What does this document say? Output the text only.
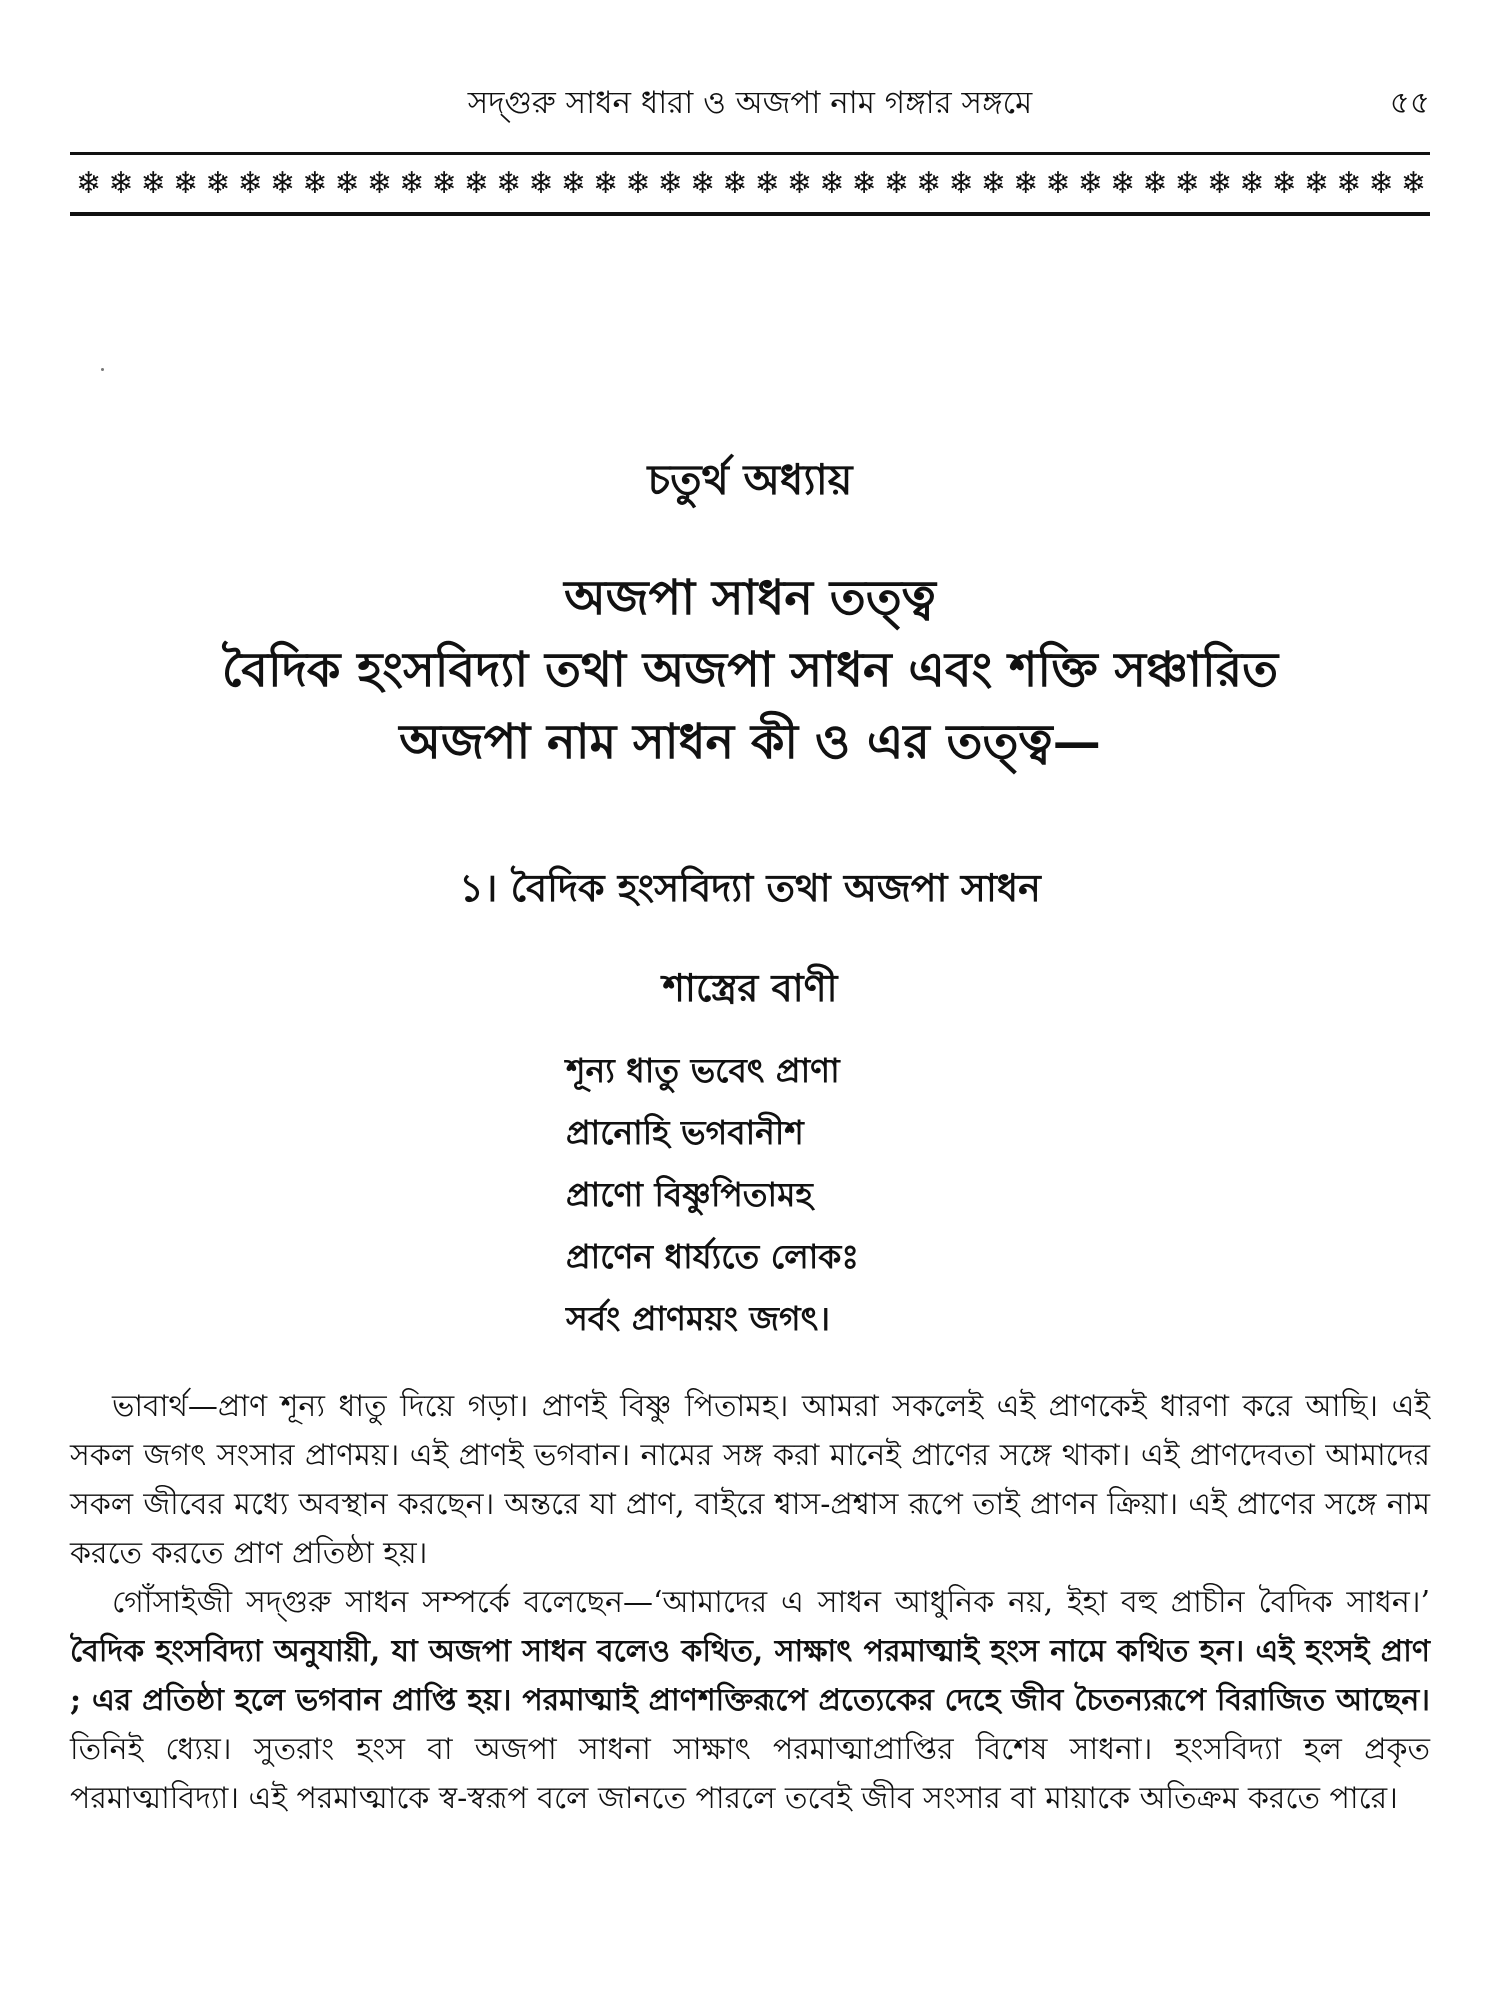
সদ্‌গুরু সাধন ধারা ও অজপা নাম গঙ্গার সঙ্গমে	৫৫
❄ ❄ ❄ ❄ ❄ ❄ ❄ ❄ ❄ ❄ ❄ ❄ ❄ ❄ ❄ ❄ ❄ ❄ ❄ ❄ ❄ ❄ ❄ ❄ ❄ ❄ ❄ ❄ ❄ ❄ ❄ ❄ ❄ ❄ ❄ ❄ ❄ ❄ ❄ ❄ ❄ ❄
চতুর্থ অধ্যায়
অজপা সাধন তত্ত্ব
বৈদিক হংসবিদ্যা তথা অজপা সাধন এবং শক্তি সঞ্চারিত
অজপা নাম সাধন কী ও এর তত্ত্ব—
১। বৈদিক হংসবিদ্যা তথা অজপা সাধন
শাস্ত্রের বাণী
শূন্য ধাতু ভবেৎ প্রাণা
প্রানোহি ভগবানীশ
প্রাণো বিষ্ণুপিতামহ
প্রাণেন ধার্য্যতে লোকঃ
সর্বং প্রাণময়ং জগৎ।

ভাবার্থ—প্রাণ শূন্য ধাতু দিয়ে গড়া। প্রাণই বিষ্ণু পিতামহ। আমরা সকলেই এই প্রাণকেই ধারণা করে আছি। এই সকল জগৎ সংসার প্রাণময়। এই প্রাণই ভগবান। নামের সঙ্গ করা মানেই প্রাণের সঙ্গে থাকা। এই প্রাণদেবতা আমাদের সকল জীবের মধ্যে অবস্থান করছেন। অন্তরে যা প্রাণ, বাইরে শ্বাস-প্রশ্বাস রূপে তাই প্রাণন ক্রিয়া। এই প্রাণের সঙ্গে নাম করতে করতে প্রাণ প্রতিষ্ঠা হয়।

গোঁসাইজী সদ্‌গুরু সাধন সম্পর্কে বলেছেন—‘আমাদের এ সাধন আধুনিক নয়, ইহা বহু প্রাচীন বৈদিক সাধন।’ বৈদিক হংসবিদ্যা অনুযায়ী, যা অজপা সাধন বলেও কথিত, সাক্ষাৎ পরমাত্মাই হংস নামে কথিত হন। এই হংসই প্রাণ ; এর প্রতিষ্ঠা হলে ভগবান প্রাপ্তি হয়। পরমাত্মাই প্রাণশক্তিরূপে প্রত্যেকের দেহে জীব চৈতন্যরূপে বিরাজিত আছেন। তিনিই ধ্যেয়। সুতরাং হংস বা অজপা সাধনা সাক্ষাৎ পরমাত্মাপ্রাপ্তির বিশেষ সাধনা। হংসবিদ্যা হল প্রকৃত পরমাত্মাবিদ্যা। এই পরমাত্মাকে স্ব-স্বরূপ বলে জানতে পারলে তবেই জীব সংসার বা মায়াকে অতিক্রম করতে পারে।
